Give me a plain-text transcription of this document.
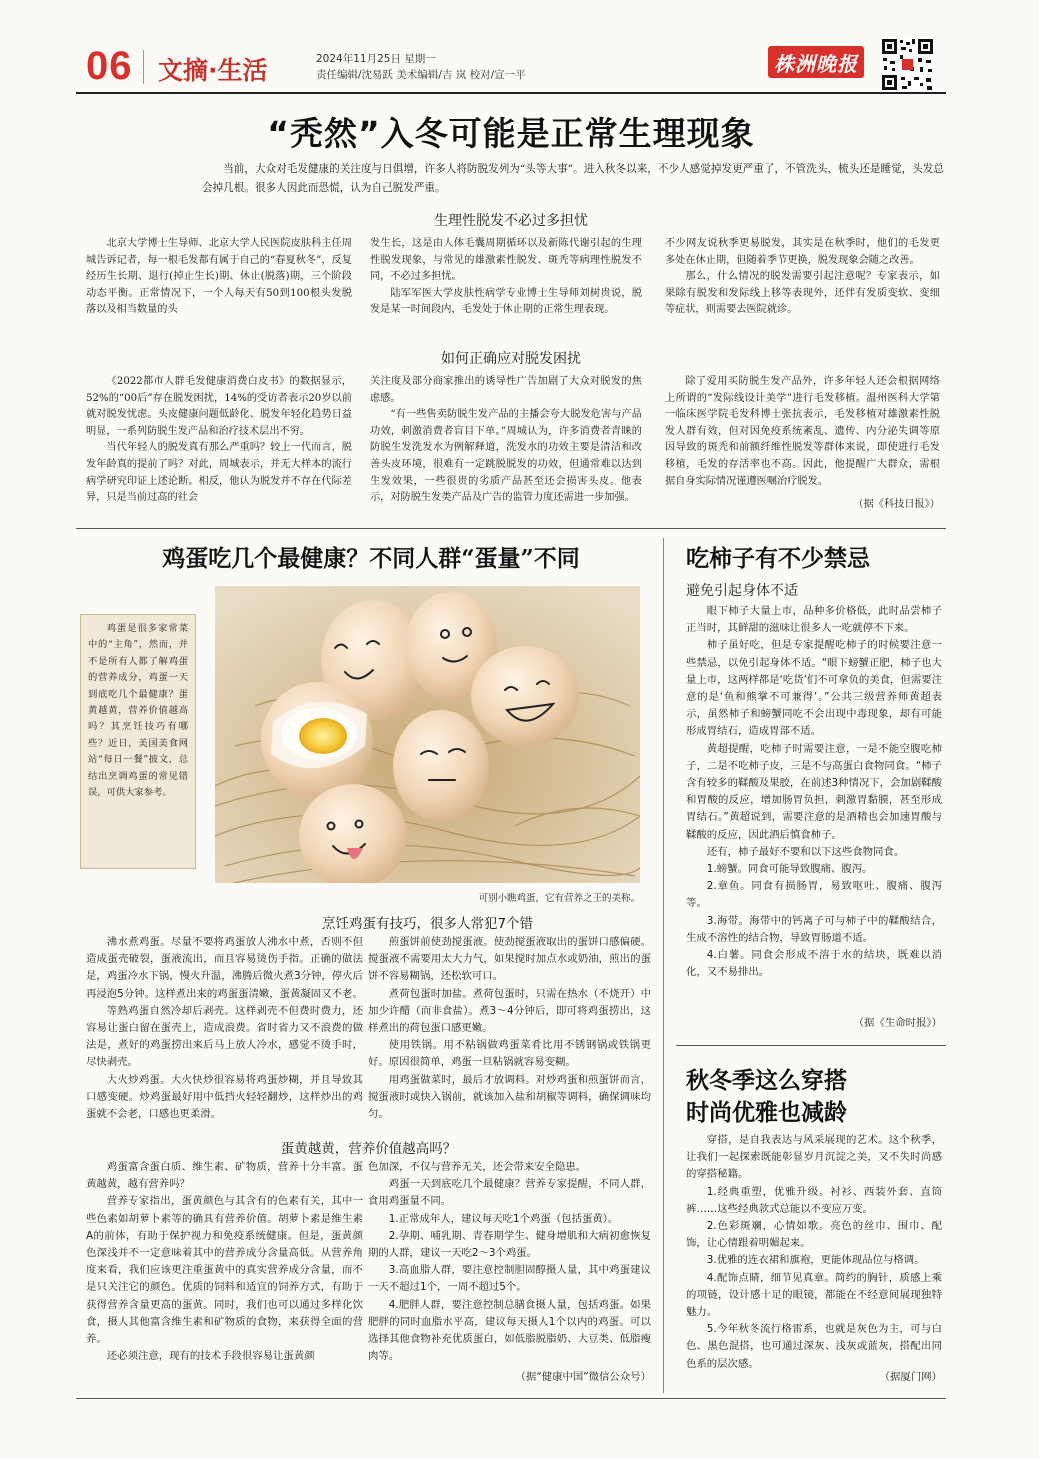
06 文摘·生活	2024年11月25日 星期一
责任编辑/沈易跃 美术编辑/吉 岚 校对/宣一平	株洲晚报
“秃然”入冬可能是正常生理现象
当前，大众对毛发健康的关注度与日俱增，许多人将防脱发列为“头等大事”。进入秋冬以来，不少人感觉掉发更严重了，不管洗头、梳头还是睡觉，头发总会掉几根。很多人因此而恐慌，认为自己脱发严重。
生理性脱发不必过多担忧

北京大学博士生导师、北京大学人民医院皮肤科主任周城告诉记者，每一根毛发都有属于自己的“春夏秋冬”，反复经历生长期、退行(掉止生长)期、休止(脱落)期，三个阶段动态平衡。正常情况下，一个人每天有50到100根头发脱落以及相当数量的头

发生长，这是由人体毛囊周期循环以及新陈代谢引起的生理性脱发现象，与常见的雄激素性脱发、斑秃等病理性脱发不同，不必过多担忧。

陆军军医大学皮肤性病学专业博士生导师刘树贵说，脱发是某一时间段内，毛发处于休止期的正常生理表现。

不少网友说秋季更易脱发，其实是在秋季时，他们的毛发更多处在休止期，但随着季节更换，脱发现象会随之改善。

那么，什么情况的脱发需要引起注意呢？专家表示，如果除有脱发和发际线上移等表现外，还伴有发质变软、变细等症状，则需要去医院就诊。

如何正确应对脱发困扰

《2022都市人群毛发健康消费白皮书》的数据显示，52%的“00后”存在脱发困扰，14%的受访者表示20岁以前就对脱发忧虑。头皮健康问题低龄化、脱发年轻化趋势日益明显，一系列防脱生发产品和治疗技术层出不穷。

当代年轻人的脱发真有那么严重吗？较上一代而言，脱发年龄真的提前了吗？对此，周城表示，并无大样本的流行病学研究印证上述论断。相反，他认为脱发并不存在代际差异，只是当前过高的社会

关注度及部分商家推出的诱导性广告加剧了大众对脱发的焦虑感。

“有一些售卖防脱生发产品的主播会夸大脱发危害与产品功效，刺激消费者盲目下单。”周城认为，许多消费者青睐的防脱生发洗发水为例解释道，洗发水的功效主要是清洁和改善头皮环境，很难有一定跳脱脱发的功效，但通常难以达到生发效果，一些很贵的劣质产品甚至还会损害头皮。他表示，对防脱生发类产品及广告的监管力度还需进一步加强。

除了爱用买防脱生发产品外，许多年轻人还会根据网络上所谓的“发际线设计美学”进行毛发移植。温州医科大学第一临床医学院毛发科博士张抗表示，毛发移植对雄激素性脱发人群有效，但对因免疫系统紊乱、遗传、内分泌失调等原因导致的斑秃和前额纤维性脱发等群体来说，即使进行毛发移植，毛发的存活率也不高。因此，他提醒广大群众，需根据自身实际情况谨遵医嘱治疗脱发。

（据《科技日报》）
鸡蛋吃几个最健康？不同人群“蛋量”不同
可别小瞧鸡蛋，它有营养之王的美称。
鸡蛋是很多家常菜中的“主角”，然而，并不是所有人都了解鸡蛋的营养成分，鸡蛋一天到底吃几个最健康？蛋黄越黄，营养价值越高吗？其烹饪技巧有哪些？近日，美国美食网站“每日一餐”披文，总结出烹调鸡蛋的常见错误，可供大家参考。
烹饪鸡蛋有技巧，很多人常犯7个错

沸水煮鸡蛋。尽量不要将鸡蛋放人沸水中煮，否则不但造成蛋壳破裂，蛋液流出，而且容易烫伤手指。正确的做法是，鸡蛋冷水下锅，慢火升温，沸腾后微火煮3分钟，停火后再浸泡5分钟。这样煮出来的鸡蛋蛋清嫩，蛋黄凝固又不老。

等熟鸡蛋自然冷却后剥壳。这样剥壳不但费时费力，还容易让蛋白留在蛋壳上，造成浪费。省时省力又不浪费的做法是，煮好的鸡蛋捞出来后马上放人冷水，感觉不烫手时，尽快剥壳。

大火炒鸡蛋。大火快炒很容易将鸡蛋炒糊，并且导致其口感变硬。炒鸡蛋最好用中低挡火轻轻翻炒，这样炒出的鸡蛋就不会老，口感也更柔滑。

煎蛋饼前使劲搅蛋液。使劲搅蛋液取出的蛋饼口感偏硬。搅蛋液不需要用太大力气，如果搅时加点水或奶油，煎出的蛋饼不容易糊锅，还松软可口。

煮荷包蛋时加盐。煮荷包蛋时，只需在热水（不烧开）中加少许醋（而非食盐）。煮3～4分钟后，即可将鸡蛋捞出，这样煮出的荷包蛋口感更嫩。

使用铁锅。用不粘锅做鸡蛋菜肴比用不锈钢锅或铁锅更好。原因很简单，鸡蛋一旦粘锅就容易变糊。

用鸡蛋做菜时，最后才放调料。对炒鸡蛋和煎蛋饼而言，搅蛋液时或快入锅前，就该加入盐和胡椒等调料，确保调味均匀。

蛋黄越黄，营养价值越高吗？

鸡蛋富含蛋白质、维生素、矿物质，营养十分丰富。蛋黄越黄，越有营养吗？

营养专家指出，蛋黄颜色与其含有的色素有关，其中一些色素如胡萝卜素等的确具有营养价值。胡萝卜素是维生素A的前体，有助于保护视力和免疫系统健康。但是，蛋黄颜色深浅并不一定意味着其中的营养成分含量高低。从营养角度来看，我们应该更注重蛋黄中的真实营养成分含量，而不是只关注它的颜色。优质的饲料和适宜的饲养方式，有助于获得营养含量更高的蛋黄。同时，我们也可以通过多样化饮食，摄人其他富含维生素和矿物质的食物，来获得全面的营养。

还必须注意，现有的技术手段很容易让蛋黄颜

色加深，不仅与营养无关，还会带来安全隐患。

鸡蛋一天到底吃几个最健康？营养专家提醒，不同人群，食用鸡蛋量不同。

1.正常成年人，建议每天吃1个鸡蛋（包括蛋黄）。

2.孕期、哺乳期、青春期学生、健身增肌和大病初愈恢复期的人群，建议一天吃2～3个鸡蛋。

3.高血脂人群，要注意控制胆固醇摄人量，其中鸡蛋建议一天不超过1个，一周不超过5个。

4.肥胖人群，要注意控制总膳食摄人量，包括鸡蛋。如果肥胖的同时血脂水平高，建议每天摄人1个以内的鸡蛋。可以选择其他食物补充优质蛋白，如低脂脱脂奶、大豆类、低脂瘦肉等。

（据“健康中国”微信公众号）
吃柿子有不少禁忌
避免引起身体不适

眼下柿子大量上市，品种多价格低，此时品尝柿子正当时，其鲜甜的滋味让很多人一吃就停不下来。

柿子虽好吃，但是专家提醒吃柿子的时候要注意一些禁忌，以免引起身体不适。“眼下螃蟹正肥，柿子也大量上市，这两样都是‘吃货’们不可拿负的美食，但需要注意的是‘鱼和熊掌不可兼得’。”公共三级营养师黄超表示，虽然柿子和螃蟹同吃不会出现中毒现象，却有可能形成胃结石，造成胃部不适。

黄超提醒，吃柿子时需要注意，一是不能空腹吃柿子，二是不吃柿子皮，三是不与高蛋白食物同食。“柿子含有较多的鞣酸及果胶，在前述3种情况下，会加剧鞣酸和胃酸的反应，增加肠胃负担，刺激胃黏膜，甚至形成胃结石。”黄超说到，需要注意的是酒精也会加速胃酸与鞣酸的反应，因此酒后慎食柿子。

还有，柿子最好不要和以下这些食物同食。

1.螃蟹。同食可能导致腹痛、腹泻。

2.章鱼。同食有损肠胃，易致呕吐、腹痛、腹泻等。

3.海带。海带中的钙离子可与柿子中的鞣酸结合，生成不溶性的结合物，导致胃肠道不适。

4.白薯。同食会形成不溶于水的结块，既难以消化，又不易排出。

（据《生命时报》）
秋冬季这么穿搭
时尚优雅也减龄

穿搭，是自我表达与风采展现的艺术。这个秋季，让我们一起探索既能彰显岁月沉淀之美，又不失时尚感的穿搭秘籍。

1.经典重塑，优雅升级。衬衫、西装外套、直筒裤……这些经典款式总能以不变应万变。

2.色彩斑斓，心情如歌。亮色的丝巾、围巾、配饰，让心情跟着明媚起来。

3.优雅的连衣裙和旗袍，更能体现品位与格调。

4.配饰点睛，细节见真章。简约的胸针，质感上乘的项链，设计感十足的眼镜，都能在不经意间展现独特魅力。

5.今年秋冬流行格雷系，也就是灰色为主，可与白色、黑色混搭，也可通过深灰、浅灰或蓝灰，搭配出同色系的层次感。

（据厦门网）
